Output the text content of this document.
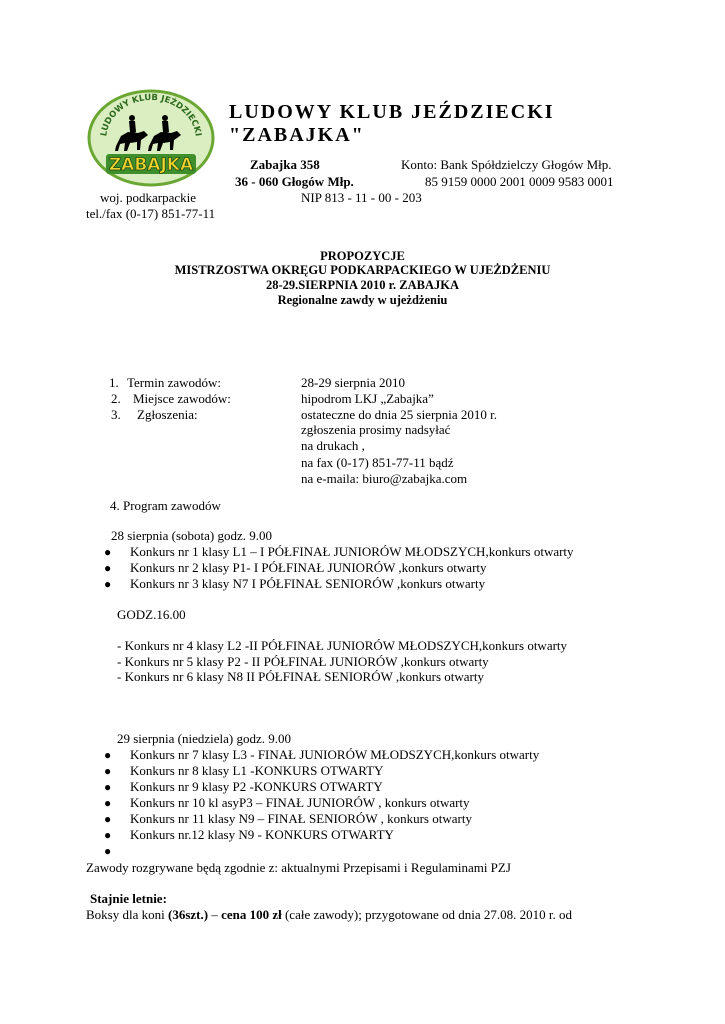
LUDOWY KLUB JEŹDZIECKI
ZABAJKA
LUDOWY KLUB JEŹDZIECKI
"ZABAJKA"
Zabajka 358
36 - 060 Głogów Młp.
NIP 813 - 11 - 00 - 203
Konto: Bank Spółdzielczy Głogów Młp.
85 9159 0000 2001 0009 9583 0001
woj. podkarpackie
tel./fax (0-17) 851-77-11
PROPOZYCJE
MISTRZOSTWA OKRĘGU PODKARPACKIEGO W UJEŻDŻENIU
28-29.SIERPNIA 2010 r. ZABAJKA
Regionalne zawdy w ujeżdżeniu
1. Termin zawodów:	28-29 sierpnia 2010
2. Miejsce zawodów:	hipodrom LKJ „Zabajka”
3. Zgłoszenia:	ostateczne do dnia 25 sierpnia 2010 r.
zgłoszenia prosimy nadsyłać
na drukach ,
na fax (0-17) 851-77-11 bądź
na e-maila: biuro@zabajka.com
4. Program zawodów
28 sierpnia (sobota) godz. 9.00
● Konkurs nr 1 klasy L1 – I PÓŁFINAŁ JUNIORÓW MŁODSZYCH,konkurs otwarty
● Konkurs nr 2 klasy P1- I PÓŁFINAŁ JUNIORÓW ,konkurs otwarty
● Konkurs nr 3 klasy N7 I PÓŁFINAŁ SENIORÓW ,konkurs otwarty
GODZ.16.00
- Konkurs nr 4 klasy L2 -II PÓŁFINAŁ JUNIORÓW MŁODSZYCH,konkurs otwarty
- Konkurs nr 5 klasy P2 - II PÓŁFINAŁ JUNIORÓW ,konkurs otwarty
- Konkurs nr 6 klasy N8 II PÓŁFINAŁ SENIORÓW ,konkurs otwarty
29 sierpnia (niedziela) godz. 9.00
● Konkurs nr 7 klasy L3 - FINAŁ JUNIORÓW MŁODSZYCH,konkurs otwarty
● Konkurs nr 8 klasy L1 -KONKURS OTWARTY
● Konkurs nr 9 klasy P2 -KONKURS OTWARTY
● Konkurs nr 10 kl asyP3 – FINAŁ JUNIORÓW , konkurs otwarty
● Konkurs nr 11 klasy N9 – FINAŁ SENIORÓW , konkurs otwarty
● Konkurs nr.12 klasy N9 - KONKURS OTWARTY
●
Zawody rozgrywane będą zgodnie z: aktualnymi Przepisami i Regulaminami PZJ
Stajnie letnie:
Boksy dla koni (36szt.) – cena 100 zł (całe zawody); przygotowane od dnia 27.08. 2010 r. od
